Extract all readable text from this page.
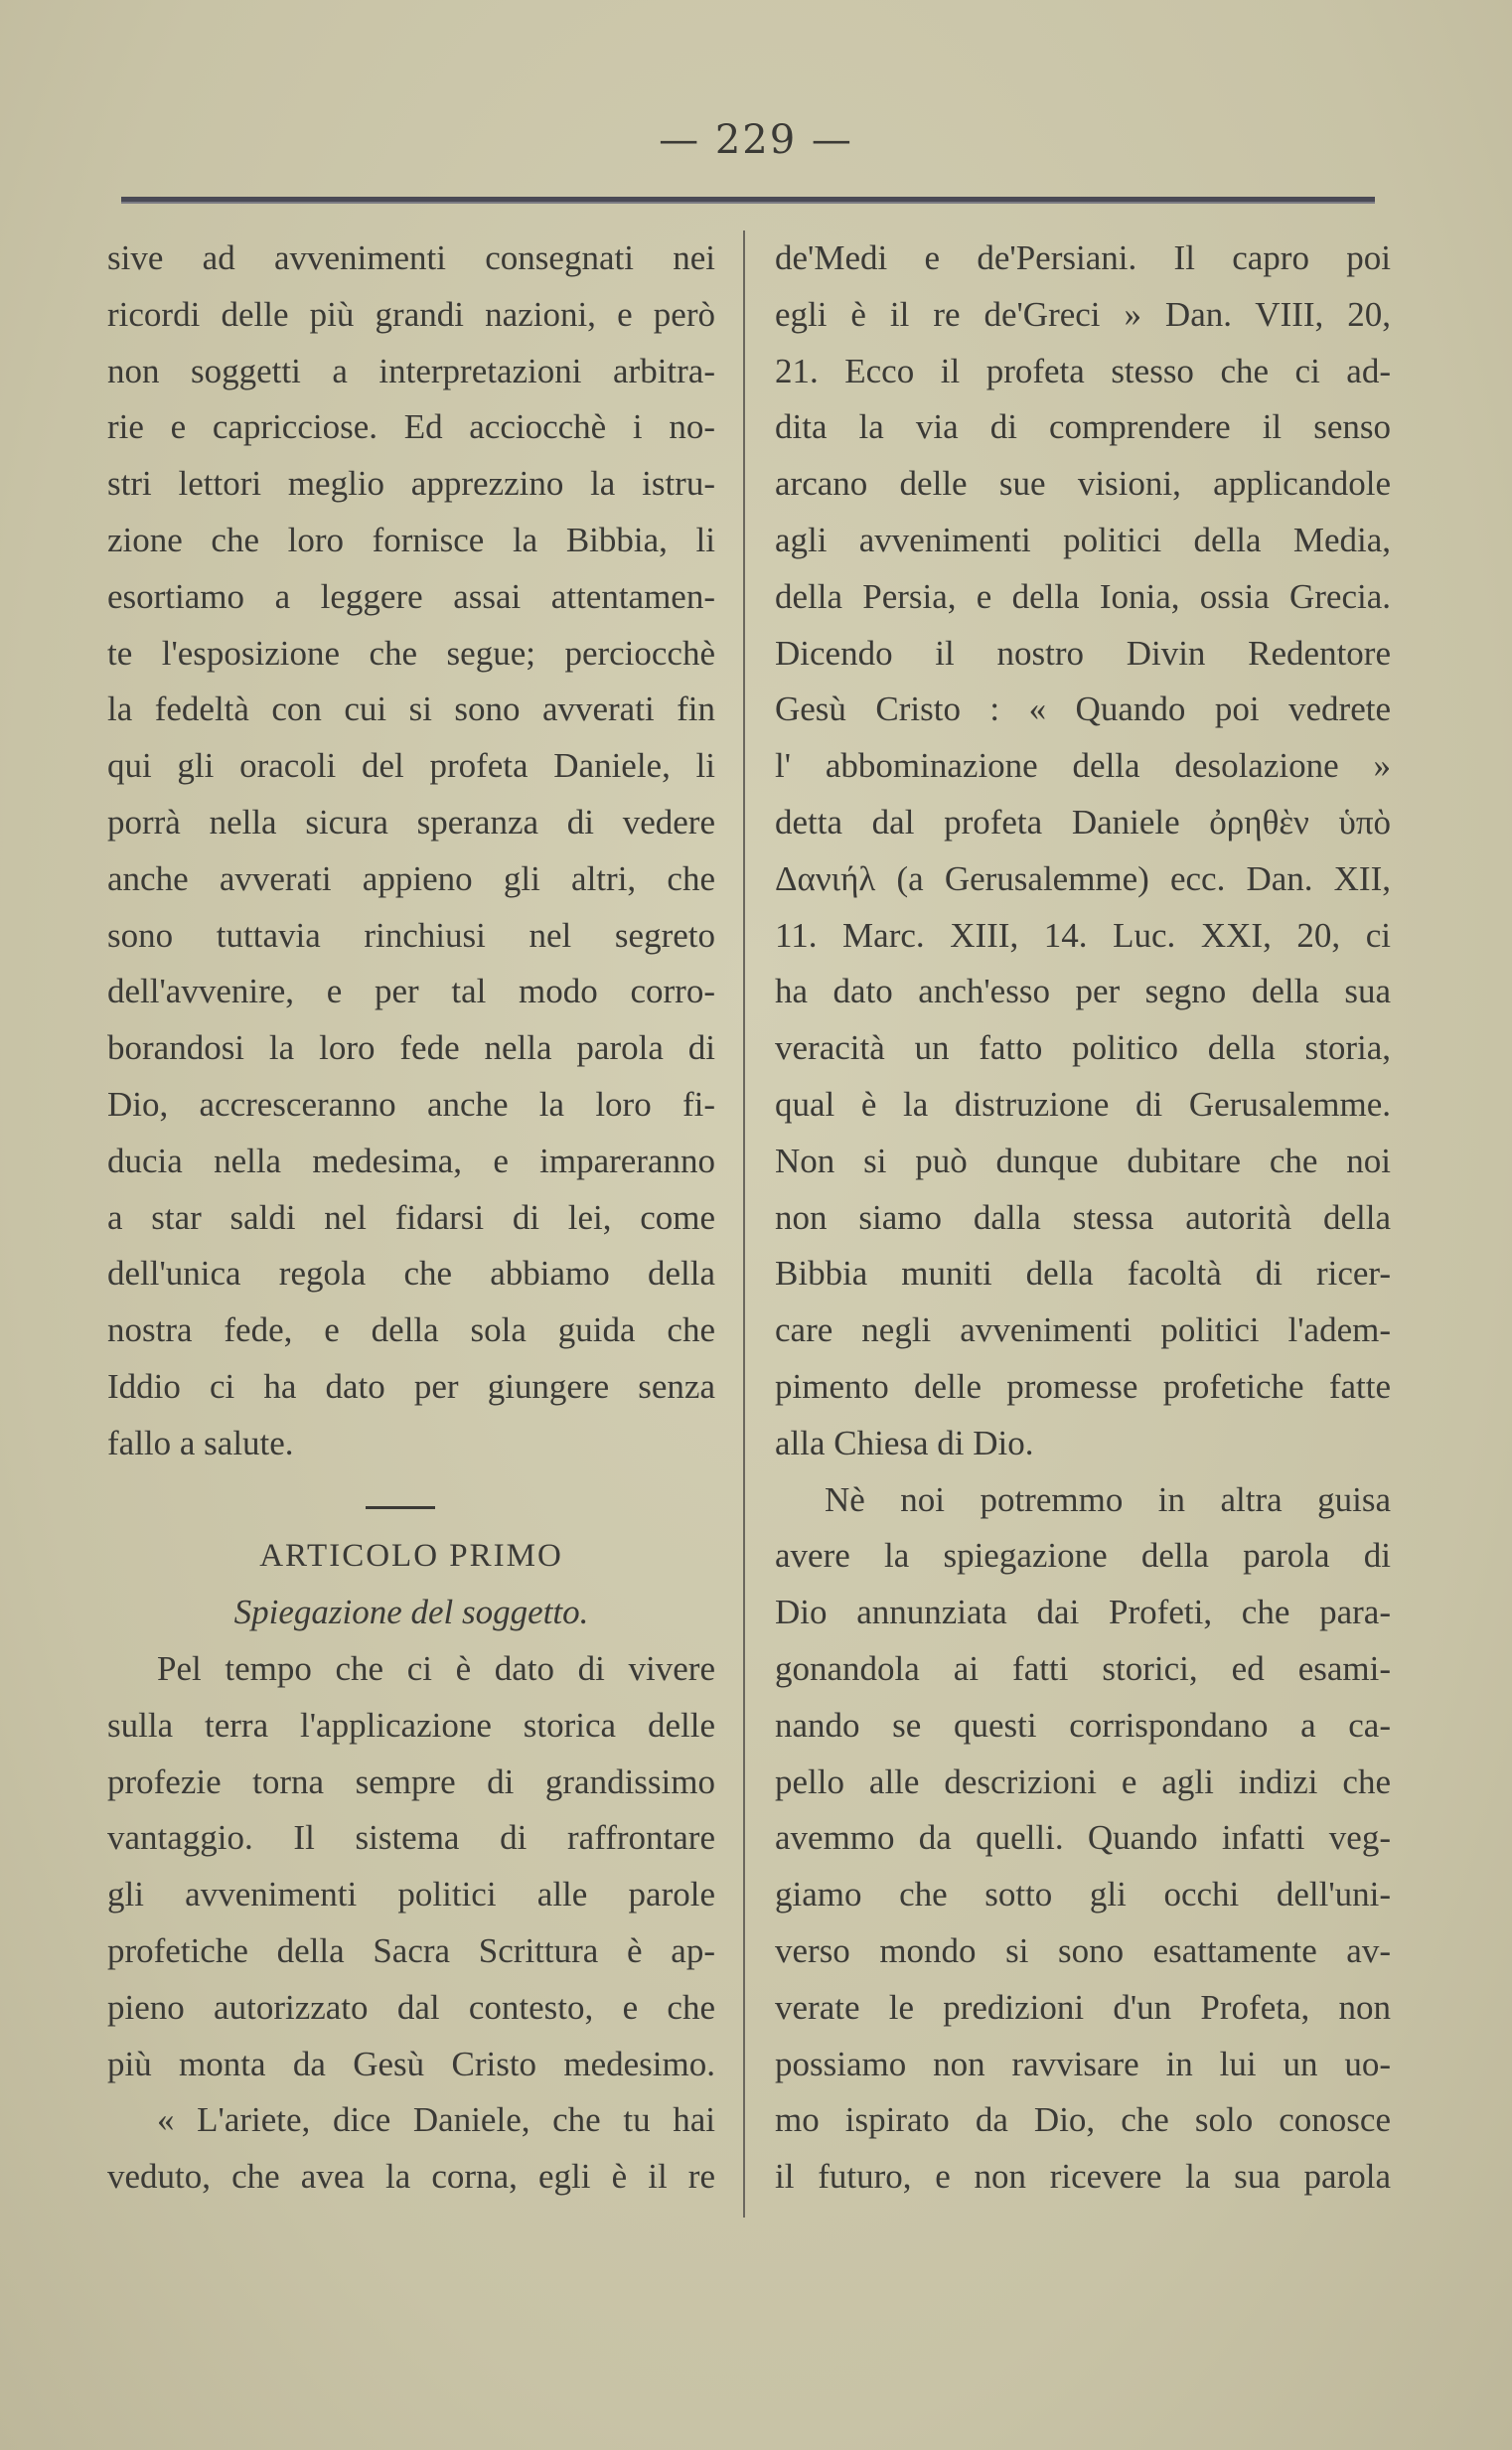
— 229 —
sive ad avvenimenti consegnati nei
ricordi delle più grandi nazioni, e però
non soggetti a interpretazioni arbitra-
rie e capricciose. Ed acciocchè i no-
stri lettori meglio apprezzino la istru-
zione che loro fornisce la Bibbia, li
esortiamo a leggere assai attentamen-
te l'esposizione che segue; perciocchè
la fedeltà con cui si sono avverati fin
qui gli oracoli del profeta Daniele, li
porrà nella sicura speranza di vedere
anche avverati appieno gli altri, che
sono tuttavia rinchiusi nel segreto
dell'avvenire, e per tal modo corro-
borandosi la loro fede nella parola di
Dio, accresceranno anche la loro fi-
ducia nella medesima, e impareranno
a star saldi nel fidarsi di lei, come
dell'unica regola che abbiamo della
nostra fede, e della sola guida che
Iddio ci ha dato per giungere senza
fallo a salute.
ARTICOLO PRIMO
Spiegazione del soggetto.
Pel tempo che ci è dato di vivere
sulla terra l'applicazione storica delle
profezie torna sempre di grandissimo
vantaggio. Il sistema di raffrontare
gli avvenimenti politici alle parole
profetiche della Sacra Scrittura è ap-
pieno autorizzato dal contesto, e che
più monta da Gesù Cristo medesimo.
« L'ariete, dice Daniele, che tu hai
veduto, che avea la corna, egli è il re
de'Medi e de'Persiani. Il capro poi
egli è il re de'Greci » Dan. VIII, 20,
21. Ecco il profeta stesso che ci ad-
dita la via di comprendere il senso
arcano delle sue visioni, applicandole
agli avvenimenti politici della Media,
della Persia, e della Ionia, ossia Grecia.
Dicendo il nostro Divin Redentore
Gesù Cristo : « Quando poi vedrete
l' abbominazione della desolazione »
detta dal profeta Daniele ὀρηθὲν ὑπὸ
Δανιήλ (a Gerusalemme) ecc. Dan. XII,
11. Marc. XIII, 14. Luc. XXI, 20, ci
ha dato anch'esso per segno della sua
veracità un fatto politico della storia,
qual è la distruzione di Gerusalemme.
Non si può dunque dubitare che noi
non siamo dalla stessa autorità della
Bibbia muniti della facoltà di ricer-
care negli avvenimenti politici l'adem-
pimento delle promesse profetiche fatte
alla Chiesa di Dio.
Nè noi potremmo in altra guisa
avere la spiegazione della parola di
Dio annunziata dai Profeti, che para-
gonandola ai fatti storici, ed esami-
nando se questi corrispondano a ca-
pello alle descrizioni e agli indizi che
avemmo da quelli. Quando infatti veg-
giamo che sotto gli occhi dell'uni-
verso mondo si sono esattamente av-
verate le predizioni d'un Profeta, non
possiamo non ravvisare in lui un uo-
mo ispirato da Dio, che solo conosce
il futuro, e non ricevere la sua parola
